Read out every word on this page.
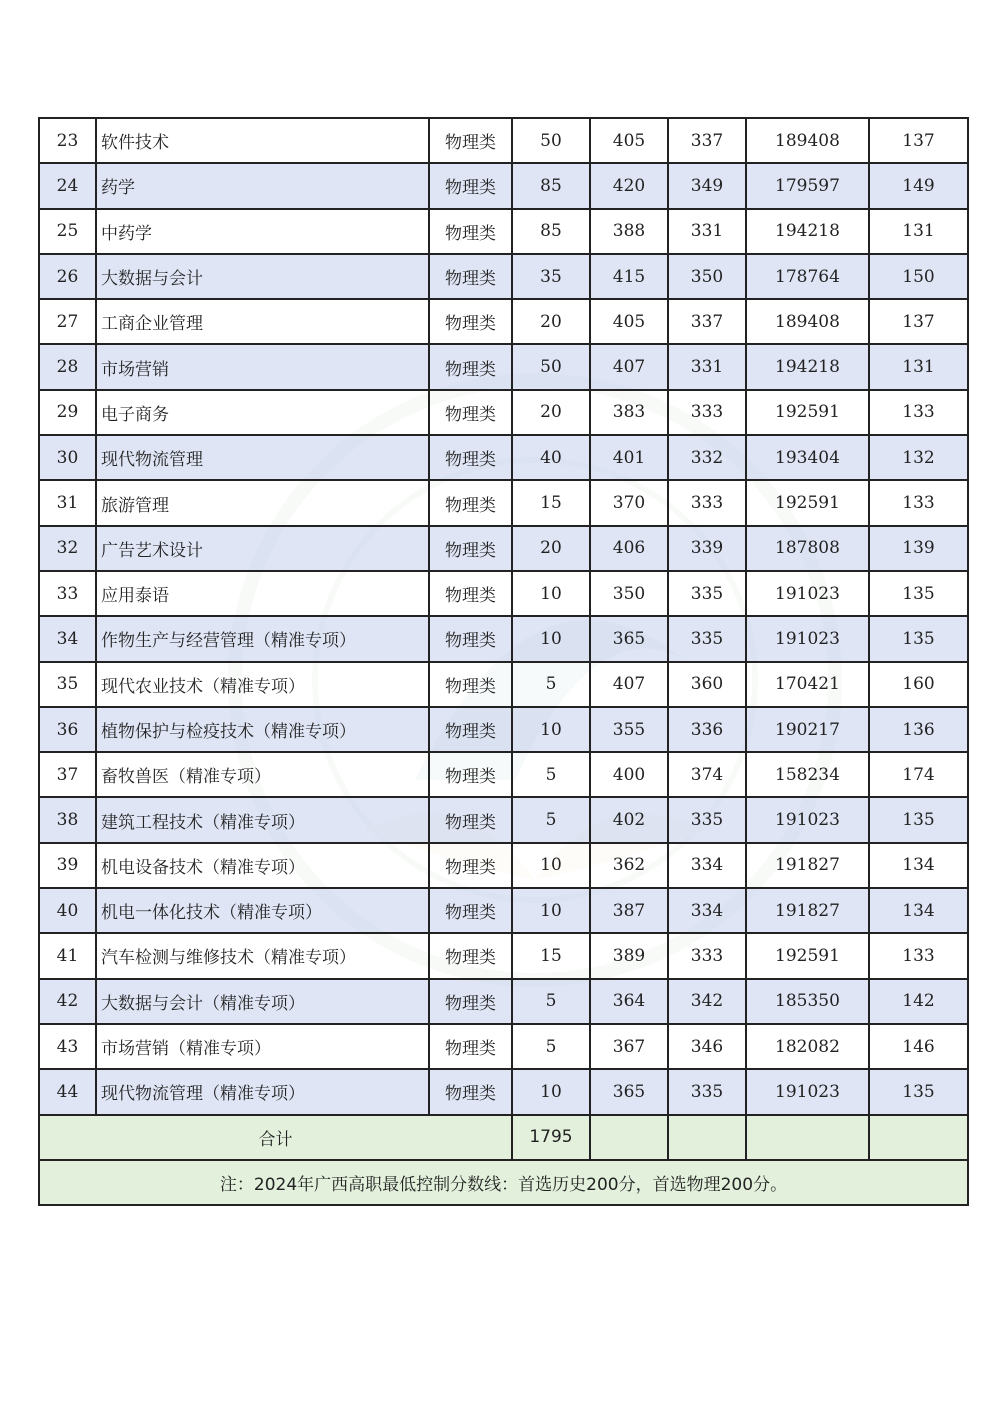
23	软件技术	物理类	50	405	337	189408	137
24	药学	物理类	85	420	349	179597	149
25	中药学	物理类	85	388	331	194218	131
26	大数据与会计	物理类	35	415	350	178764	150
27	工商企业管理	物理类	20	405	337	189408	137
28	市场营销	物理类	50	407	331	194218	131
29	电子商务	物理类	20	383	333	192591	133
30	现代物流管理	物理类	40	401	332	193404	132
31	旅游管理	物理类	15	370	333	192591	133
32	广告艺术设计	物理类	20	406	339	187808	139
33	应用泰语	物理类	10	350	335	191023	135
34	作物生产与经营管理（精准专项）	物理类	10	365	335	191023	135
35	现代农业技术（精准专项）	物理类	5	407	360	170421	160
36	植物保护与检疫技术（精准专项）	物理类	10	355	336	190217	136
37	畜牧兽医（精准专项）	物理类	5	400	374	158234	174
38	建筑工程技术（精准专项）	物理类	5	402	335	191023	135
39	机电设备技术（精准专项）	物理类	10	362	334	191827	134
40	机电一体化技术（精准专项）	物理类	10	387	334	191827	134
41	汽车检测与维修技术（精准专项）	物理类	15	389	333	192591	133
42	大数据与会计（精准专项）	物理类	5	364	342	185350	142
43	市场营销（精准专项）	物理类	5	367	346	182082	146
44	现代物流管理（精准专项）	物理类	10	365	335	191023	135
合计			1795				
注：2024年广西高职最低控制分数线：首选历史200分，首选物理200分。							
